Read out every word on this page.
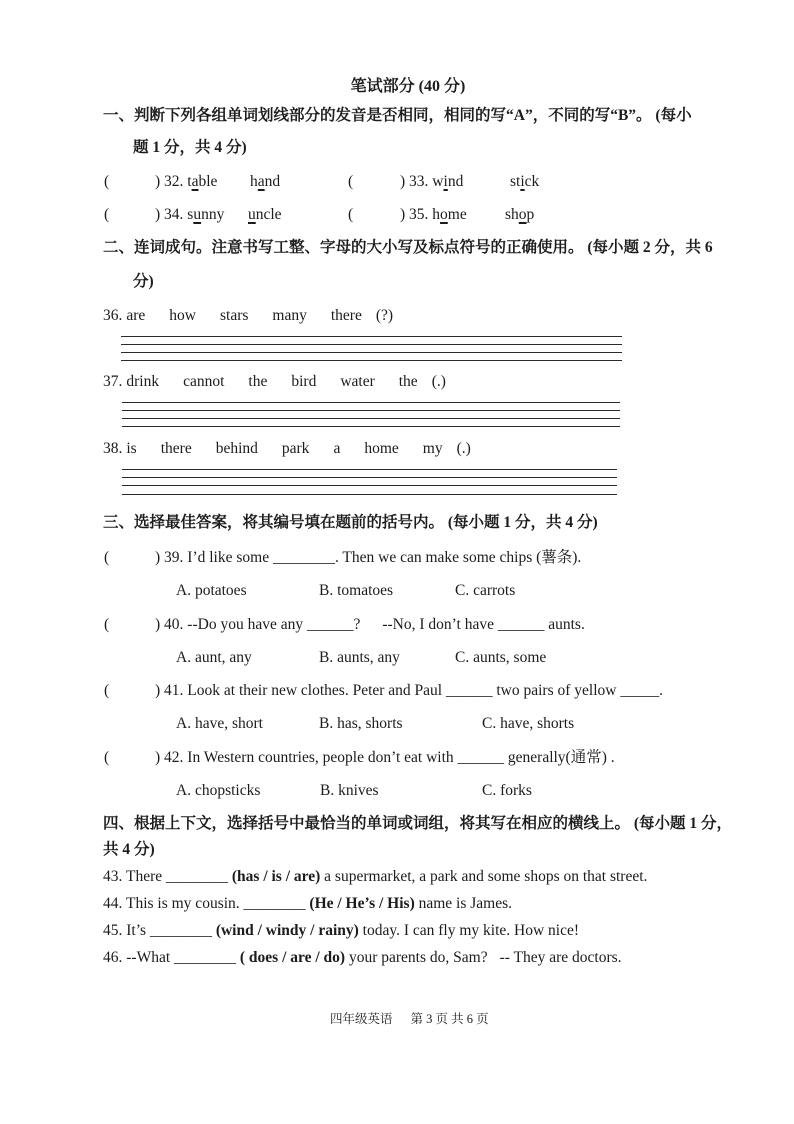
笔试部分 (40 分)
一、判断下列各组单词划线部分的发音是否相同，相同的写“A”，不同的写“B”。 (每小
题 1 分，共 4 分)
(	) 32. table hand	(	) 33. wind	stick
(	) 34. sunny uncle	(	) 35. home shop
二、连词成句。注意书写工整、字母的大小写及标点符号的正确使用。 (每小题 2 分，共 6
分)
36. are how stars many there (?)
37. drink cannot the bird water the (.)
38. is there behind park a home my (.)
三、选择最佳答案，将其编号填在题前的括号内。 (每小题 1 分，共 4 分)
(	) 39. I’d like some ________. Then we can make some chips (薯条).
A. potatoes	B. tomatoes	C. carrots
(	) 40. --Do you have any ______? --No, I don’t have ______ aunts.
A. aunt, any	B. aunts, any	C. aunts, some
(	) 41. Look at their new clothes. Peter and Paul ______ two pairs of yellow _____.
A. have, short	B. has, shorts	C. have, shorts
(	) 42. In Western countries, people don’t eat with ______ generally(通常) .
A. chopsticks	B. knives	C. forks
四、根据上下文，选择括号中最恰当的单词或词组，将其写在相应的横线上。 (每小题 1 分，
共 4 分)
43. There ________ (has / is / are) a supermarket, a park and some shops on that street.
44. This is my cousin. ________ (He / He’s / His) name is James.
45. It’s ________ (wind / windy / rainy) today. I can fly my kite. How nice!
46. --What ________ ( does / are / do) your parents do, Sam? -- They are doctors.
四年级英语 第 3 页 共 6 页
